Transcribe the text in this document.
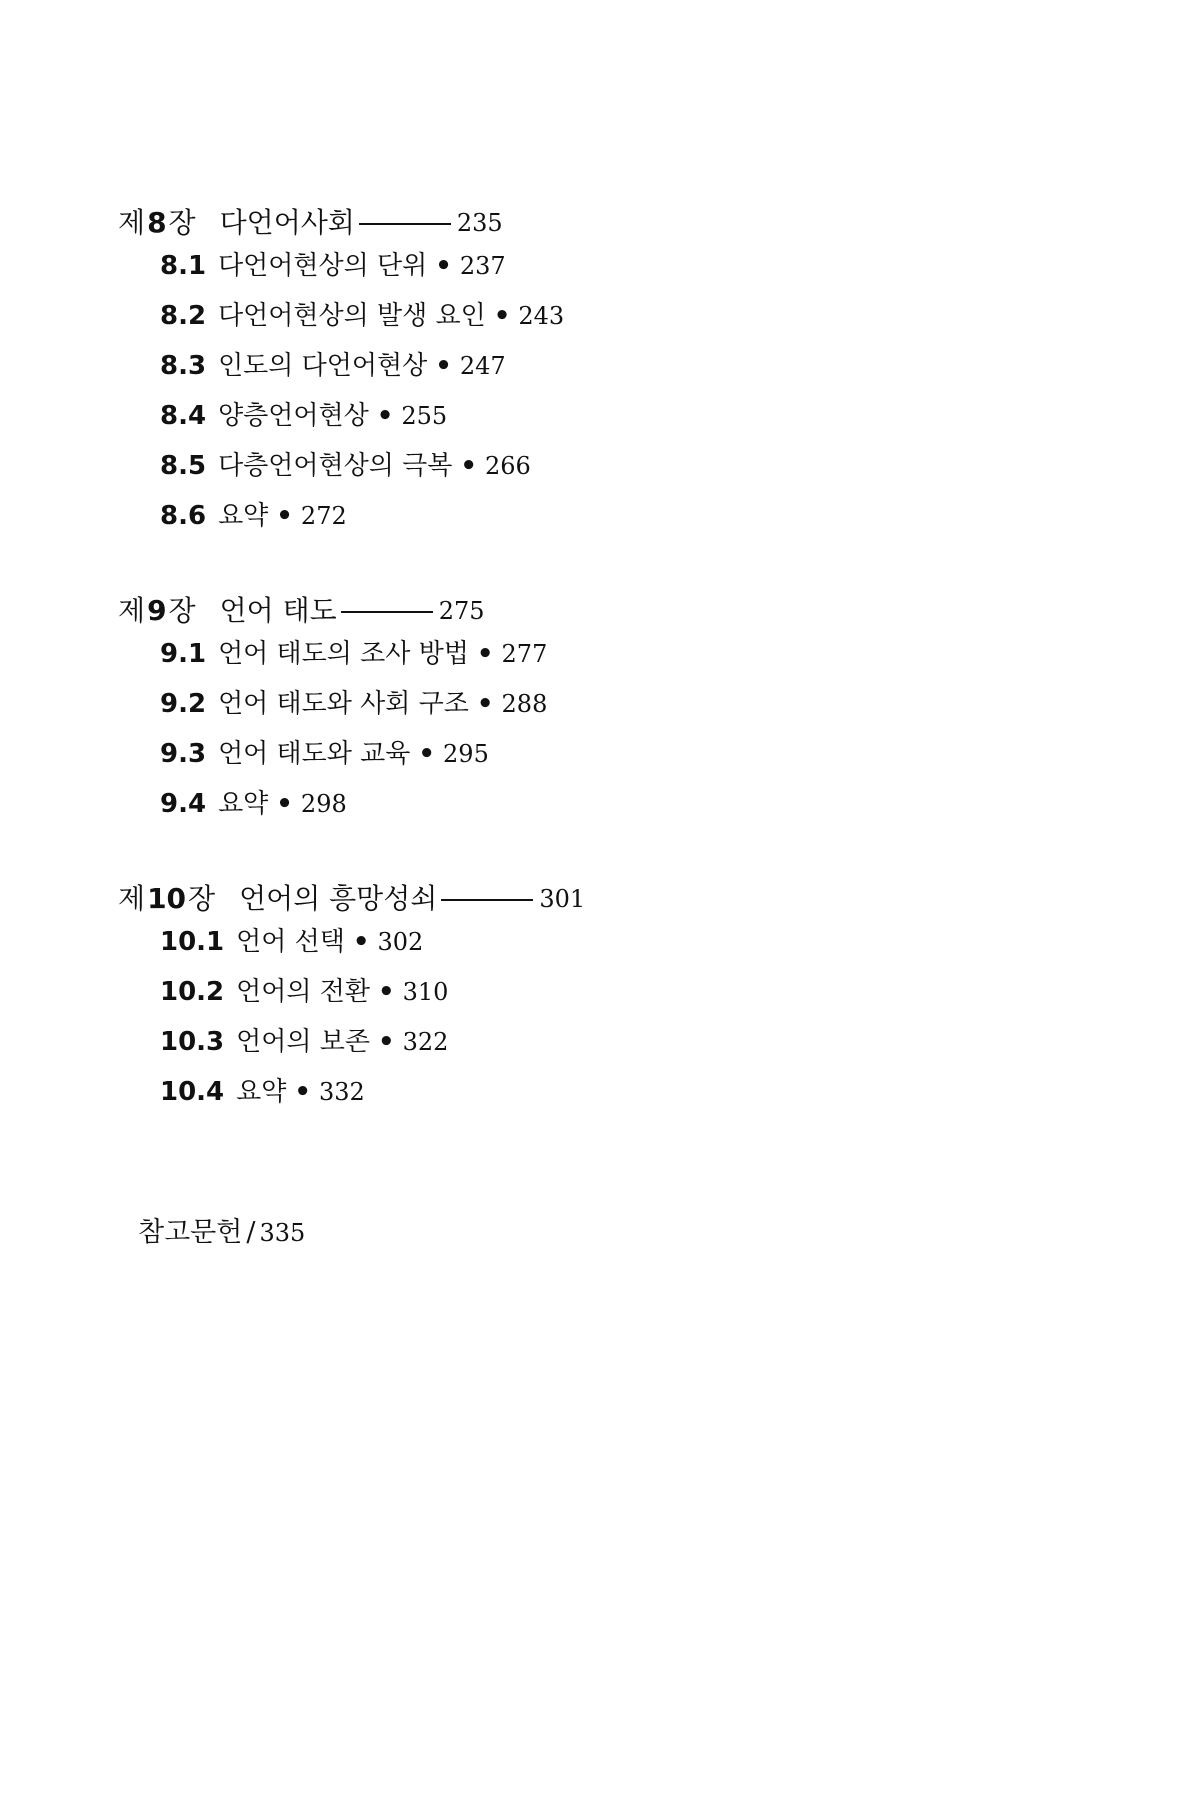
제 8 장 다언어사회	235
8.1 다언어현상의 단위 • 237
8.2 다언어현상의 발생 요인 • 243
8.3 인도의 다언어현상 • 247
8.4 양층언어현상 • 255
8.5 다층언어현상의 극복 • 266
8.6 요약 • 272
제 9 장 언어 태도	275
9.1 언어 태도의 조사 방법 • 277
9.2 언어 태도와 사회 구조 • 288
9.3 언어 태도와 교육 • 295
9.4 요약 • 298
제 10 장 언어의 흥망성쇠	301
10.1 언어 선택 • 302
10.2 언어의 전환 • 310
10.3 언어의 보존 • 322
10.4 요약 • 332
참고문헌 / 335
